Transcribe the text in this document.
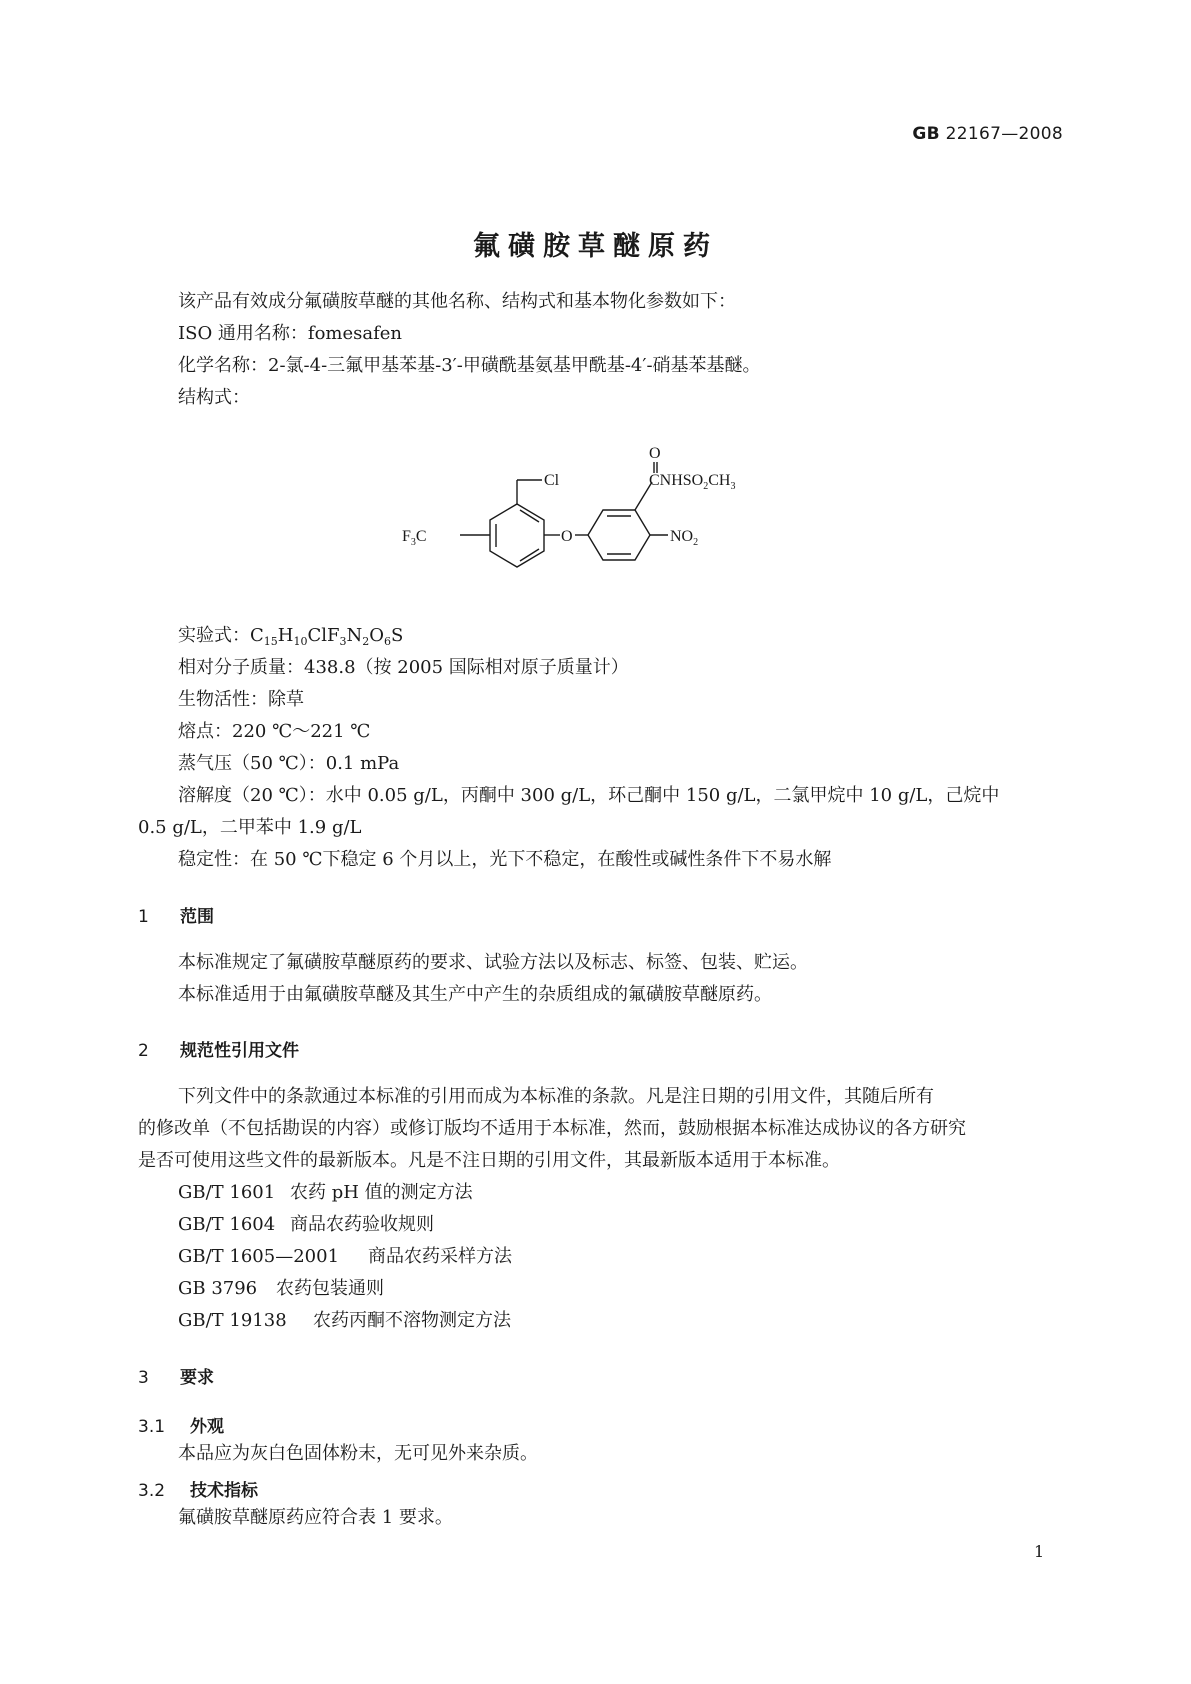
GB 22167—2008
氟磺胺草醚原药
该产品有效成分氟磺胺草醚的其他名称、结构式和基本物化参数如下：
ISO 通用名称：fomesafen
化学名称：2-氯-4-三氟甲基苯基-3′-甲磺酰基氨基甲酰基-4′-硝基苯基醚。
结构式：
$F_3C$
Cl
O
O
$CNHSO_2CH_3$
$NO_2$
实验式：$C_{15}H_{10}ClF_3N_2O_6S$
相对分子质量：438.8（按 2005 国际相对原子质量计）
生物活性：除草
熔点：220 ℃～221 ℃
蒸气压（50 ℃）：0.1 mPa
溶解度（20 ℃）：水中 0.05 g/L，丙酮中 300 g/L，环己酮中 150 g/L，二氯甲烷中 10 g/L，己烷中
0.5 g/L，二甲苯中 1.9 g/L
稳定性：在 50 ℃下稳定 6 个月以上，光下不稳定，在酸性或碱性条件下不易水解
1 范围
本标准规定了氟磺胺草醚原药的要求、试验方法以及标志、标签、包装、贮运。
本标准适用于由氟磺胺草醚及其生产中产生的杂质组成的氟磺胺草醚原药。
2 规范性引用文件
下列文件中的条款通过本标准的引用而成为本标准的条款。凡是注日期的引用文件，其随后所有
的修改单（不包括勘误的内容）或修订版均不适用于本标准，然而，鼓励根据本标准达成协议的各方研究
是否可使用这些文件的最新版本。凡是不注日期的引用文件，其最新版本适用于本标准。
GB/T 1601 农药 pH 值的测定方法
GB/T 1604 商品农药验收规则
GB/T 1605—2001 商品农药采样方法
GB 3796 农药包装通则
GB/T 19138 农药丙酮不溶物测定方法
3 要求
3.1 外观
本品应为灰白色固体粉末，无可见外来杂质。
3.2 技术指标
氟磺胺草醚原药应符合表 1 要求。
1
